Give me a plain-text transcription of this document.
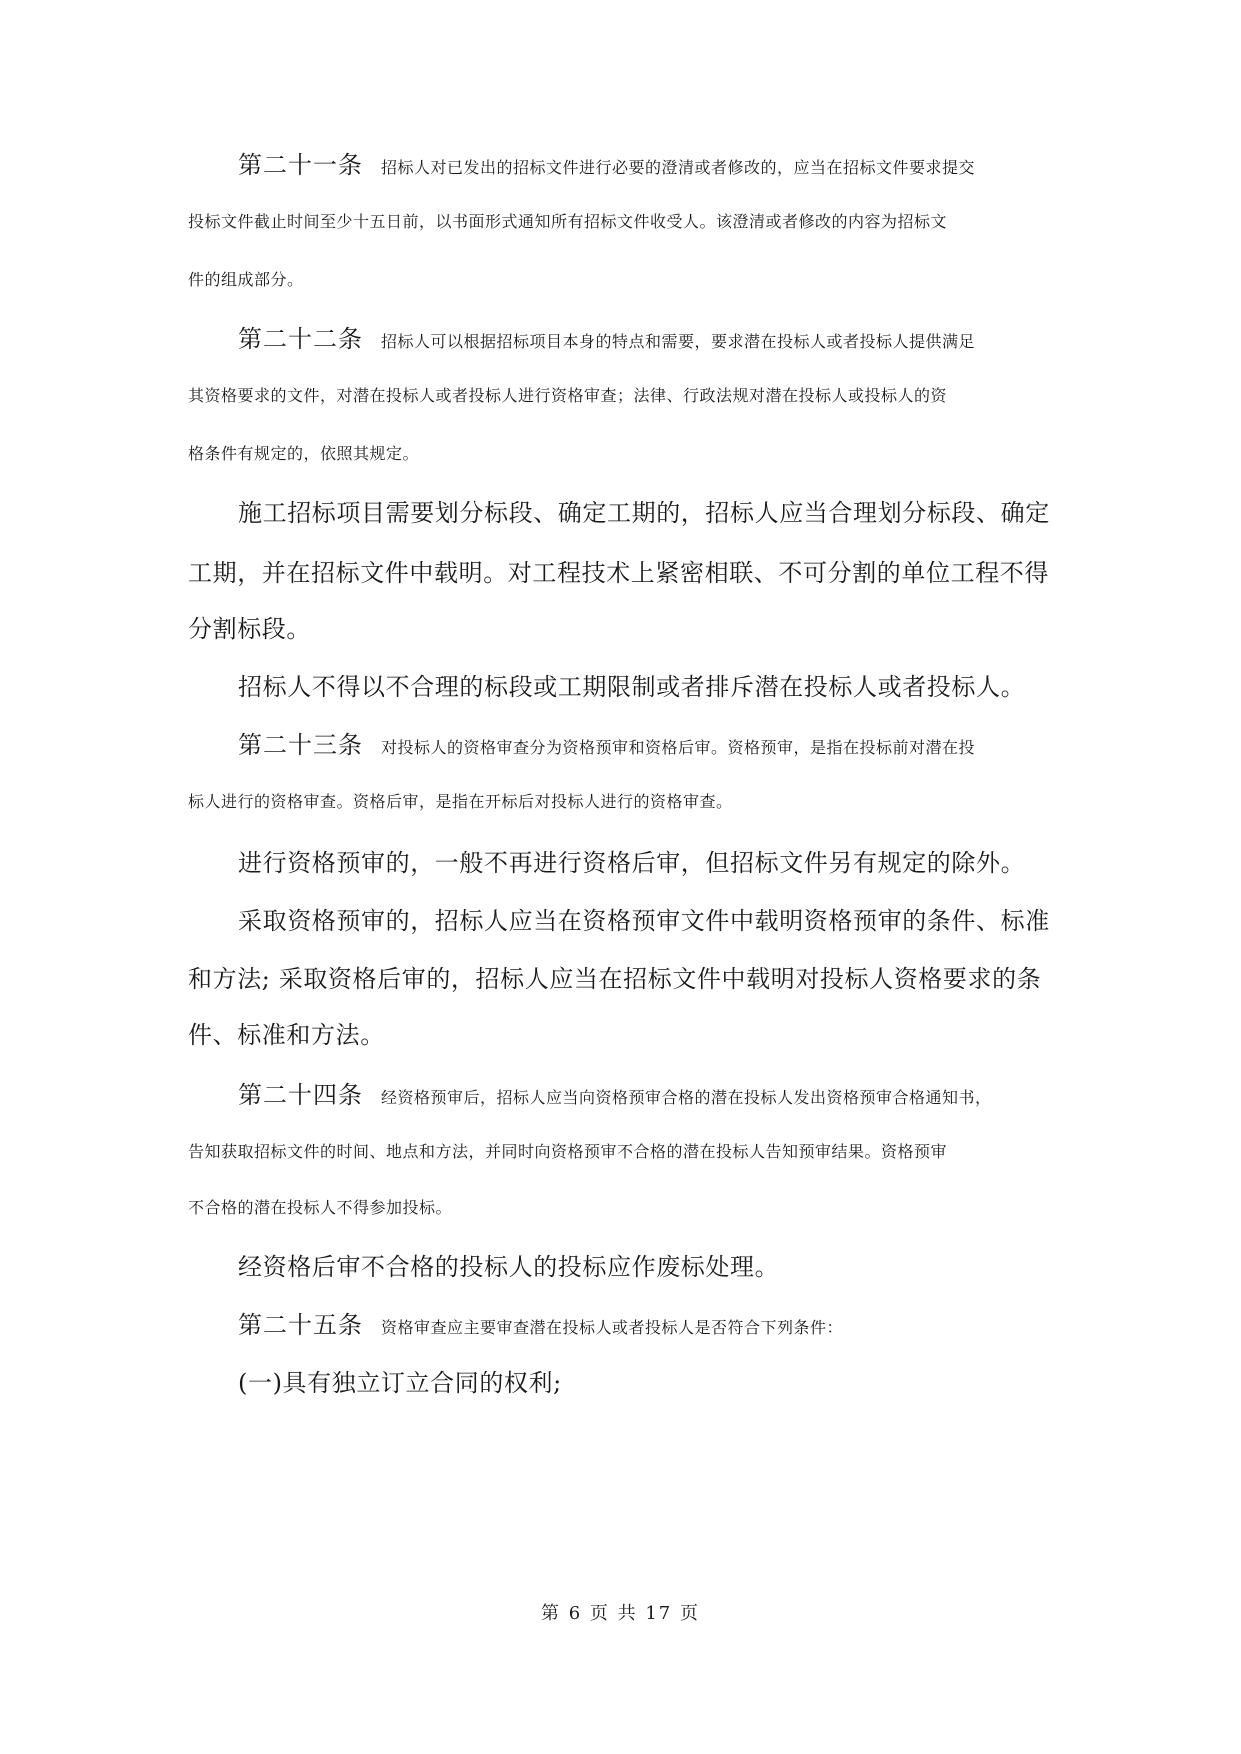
第二十一条 招标人对已发出的招标文件进行必要的澄清或者修改的，应当在招标文件要求提交
投标文件截止时间至少十五日前，以书面形式通知所有招标文件收受人。该澄清或者修改的内容为招标文
件的组成部分。
第二十二条 招标人可以根据招标项目本身的特点和需要，要求潜在投标人或者投标人提供满足
其资格要求的文件，对潜在投标人或者投标人进行资格审查；法律、行政法规对潜在投标人或投标人的资
格条件有规定的，依照其规定。
施工招标项目需要划分标段、确定工期的，招标人应当合理划分标段、确定
工期，并在招标文件中载明。对工程技术上紧密相联、不可分割的单位工程不得
分割标段。
招标人不得以不合理的标段或工期限制或者排斥潜在投标人或者投标人。
第二十三条 对投标人的资格审查分为资格预审和资格后审。资格预审，是指在投标前对潜在投
标人进行的资格审查。资格后审，是指在开标后对投标人进行的资格审查。
进行资格预审的，一般不再进行资格后审，但招标文件另有规定的除外。
采取资格预审的，招标人应当在资格预审文件中载明资格预审的条件、标准
和方法; 采取资格后审的，招标人应当在招标文件中载明对投标人资格要求的条
件、标准和方法。
第二十四条 经资格预审后，招标人应当向资格预审合格的潜在投标人发出资格预审合格通知书，
告知获取招标文件的时间、地点和方法，并同时向资格预审不合格的潜在投标人告知预审结果。资格预审
不合格的潜在投标人不得参加投标。
经资格后审不合格的投标人的投标应作废标处理。
第二十五条 资格审查应主要审查潜在投标人或者投标人是否符合下列条件：
(一)具有独立订立合同的权利;
第 6 页 共 17 页
